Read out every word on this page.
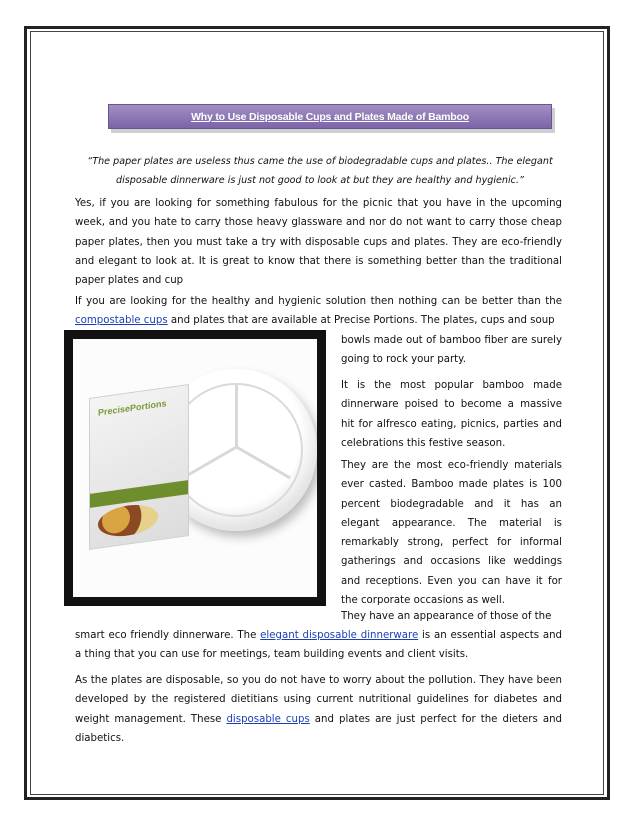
Why to Use Disposable Cups and Plates Made of Bamboo
“The paper plates are useless thus came the use of biodegradable cups and plates.. The elegant disposable dinnerware is just not good to look at but they are healthy and hygienic.”

Yes, if you are looking for something fabulous for the picnic that you have in the upcoming week, and you hate to carry those heavy glassware and nor do not want to carry those cheap paper plates, then you must take a try with disposable cups and plates. They are eco-friendly and elegant to look at. It is great to know that there is something better than the traditional paper plates and cup

If you are looking for the healthy and hygienic solution then nothing can be better than the compostable cups and plates that are available at Precise Portions. The plates, cups and soup

PrecisePortions

bowls made out of bamboo fiber are surely going to rock your party.

It is the most popular bamboo made dinnerware poised to become a massive hit for alfresco eating, picnics, parties and celebrations this festive season.

They are the most eco-friendly materials ever casted. Bamboo made plates is 100 percent biodegradable and it has an elegant appearance. The material is remarkably strong, perfect for informal gatherings and occasions like weddings and receptions. Even you can have it for the corporate occasions as well.

They have an appearance of those of the

smart eco friendly dinnerware. The elegant disposable dinnerware is an essential aspects and a thing that you can use for meetings, team building events and client visits.

As the plates are disposable, so you do not have to worry about the pollution. They have been developed by the registered dietitians using current nutritional guidelines for diabetes and weight management. These disposable cups and plates are just perfect for the dieters and diabetics.
